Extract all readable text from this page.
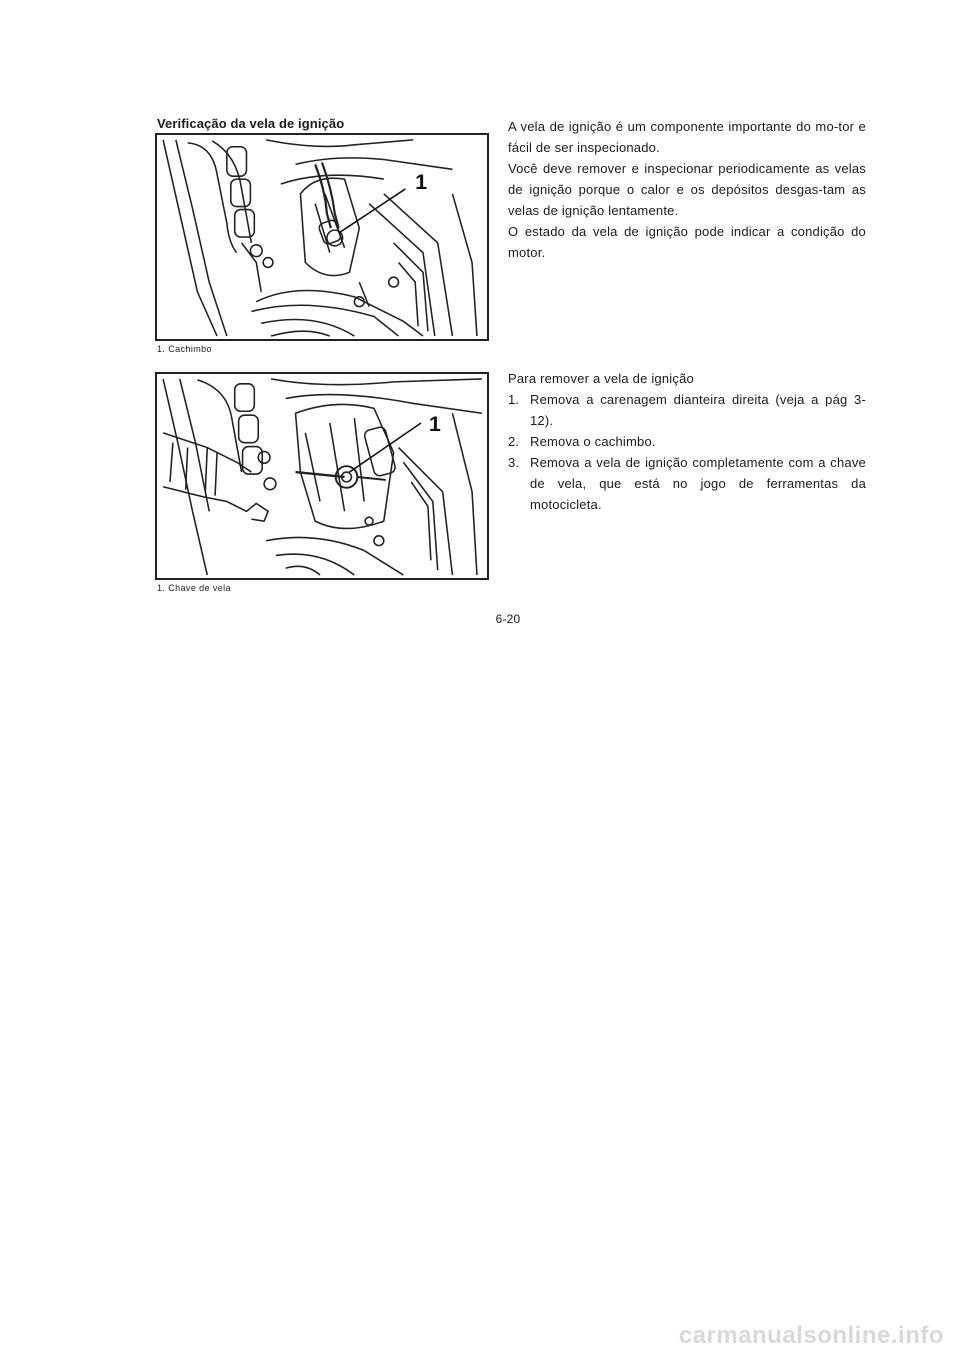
Verificação da vela de ignição
1
1. Cachimbo
1
1. Chave de vela

A vela de ignição é um componente importante do mo-tor e fácil de ser inspecionado.

Você deve remover e inspecionar periodicamente as velas de ignição porque o calor e os depósitos desgas-tam as velas de ignição lentamente.

O estado da vela de ignição pode indicar a condição do motor.

Para remover a vela de ignição

1. Remova a carenagem dianteira direita (veja a pág 3-12).
2. Remova o cachimbo.
3. Remova a vela de ignição completamente com a chave de vela, que está no jogo de ferramentas da motocicleta.
6-20
carmanualsonline.info
